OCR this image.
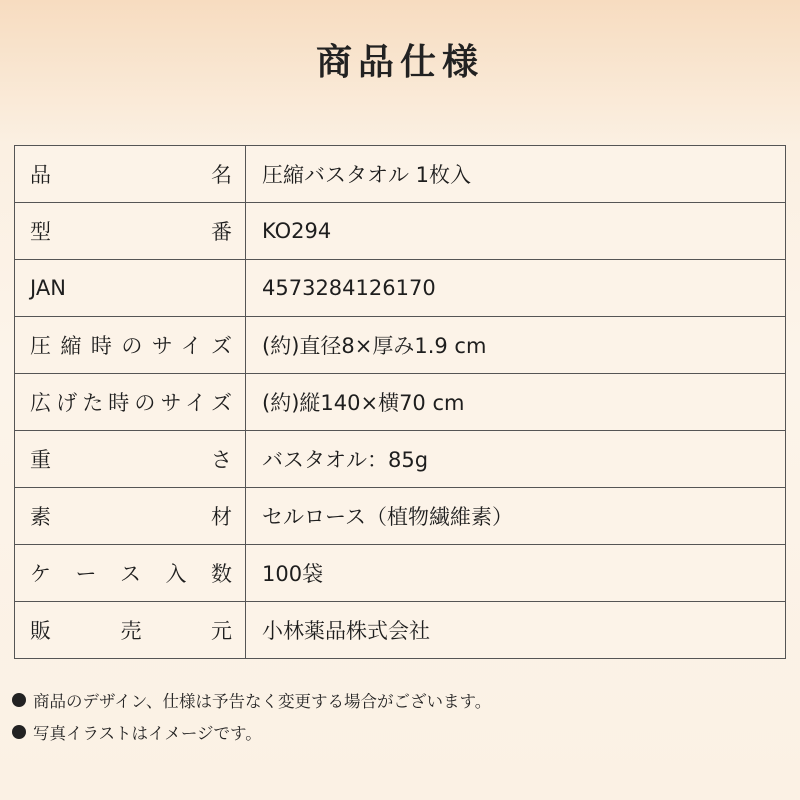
商品仕様
品名	圧縮バスタオル 1枚入
型番	KO294
JAN	4573284126170
圧縮時のサイズ	(約)直径8×厚み1.9 cm
広げた時のサイズ	(約)縦140×横70 cm
重さ	バスタオル：85g
素材	セルロース（植物繊維素）
ケース入数	100袋
販売元	小林薬品株式会社
商品のデザイン、仕様は予告なく変更する場合がございます。
写真イラストはイメージです。
